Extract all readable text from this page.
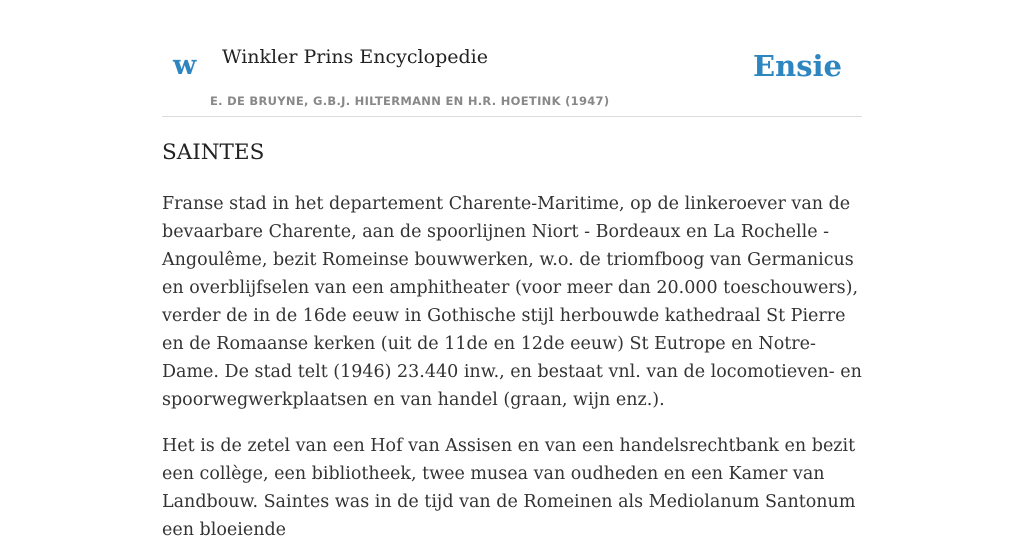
w Winkler Prins Encyclopedie
E. DE BRUYNE, G.B.J. HILTERMANN EN H.R. HOETINK (1947)
Ensie
SAINTES

Franse stad in het departement Charente-Maritime, op de linkeroever van de bevaarbare Charente, aan de spoorlijnen Niort - Bordeaux en La Rochelle - Angoulême, bezit Romeinse bouwwerken, w.o. de triomfboog van Germanicus en overblijfselen van een amphitheater (voor meer dan 20.000 toeschouwers), verder de in de 16de eeuw in Gothische stijl herbouwde kathedraal St Pierre en de Romaanse kerken (uit de 11de en 12de eeuw) St Eutrope en Notre-Dame. De stad telt (1946) 23.440 inw., en bestaat vnl. van de locomotieven- en spoorwegwerkplaatsen en van handel (graan, wijn enz.).

Het is de zetel van een Hof van Assisen en van een handelsrechtbank en bezit een collège, een bibliotheek, twee musea van oudheden en een Kamer van Landbouw. Saintes was in de tijd van de Romeinen als Mediolanum Santonum een bloeiende
